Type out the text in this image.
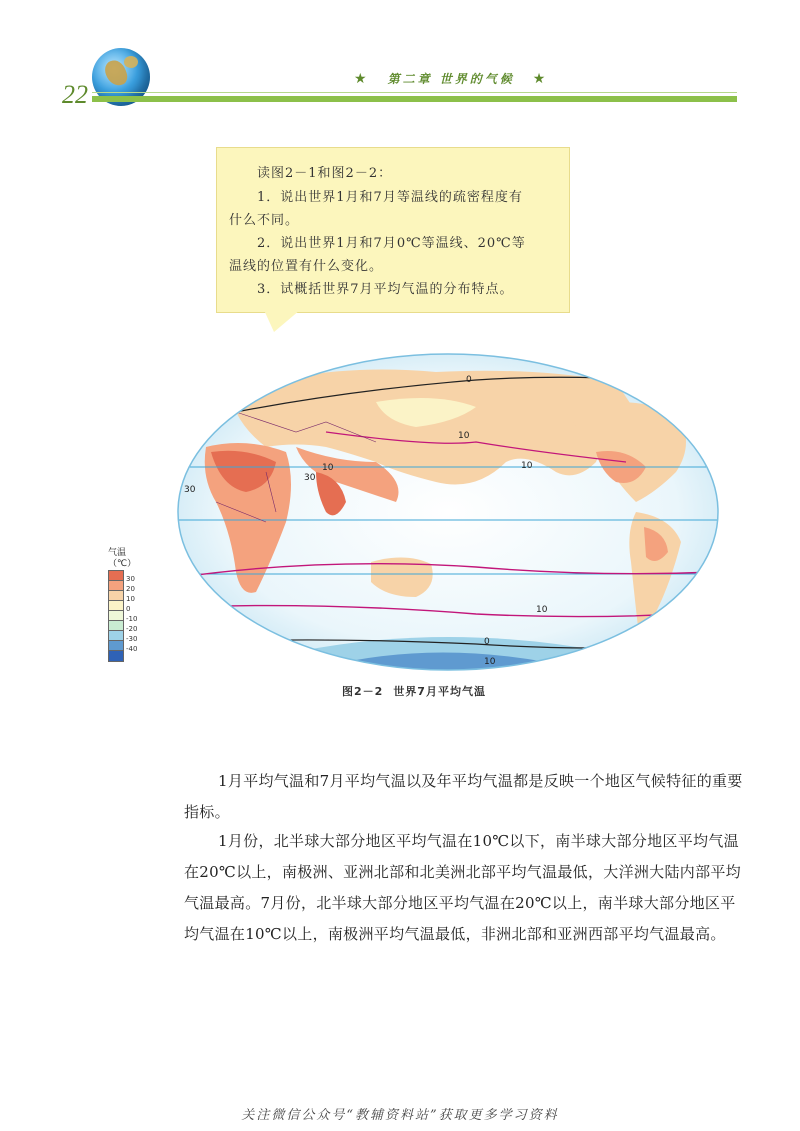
22
★ 第二章 世界的气候 ★

读图2－1和图2－2：

1．说出世界1月和7月等温线的疏密程度有

什么不同。

2．说出世界1月和7月0℃等温线、20℃等

温线的位置有什么变化。

3．试概括世界7月平均气温的分布特点。

0
10
10
10
30
30
10
0
10
气温
（℃）
30
20
10
0
-10
-20
-30
-40
图2－2 世界7月平均气温

1月平均气温和7月平均气温以及年平均气温都是反映一个地区气候特征的重要指标。

1月份，北半球大部分地区平均气温在10℃以下，南半球大部分地区平均气温在20℃以上，南极洲、亚洲北部和北美洲北部平均气温最低，大洋洲大陆内部平均气温最高。7月份，北半球大部分地区平均气温在20℃以上，南半球大部分地区平均气温在10℃以上，南极洲平均气温最低，非洲北部和亚洲西部平均气温最高。

关注微信公众号“教辅资料站”获取更多学习资料
